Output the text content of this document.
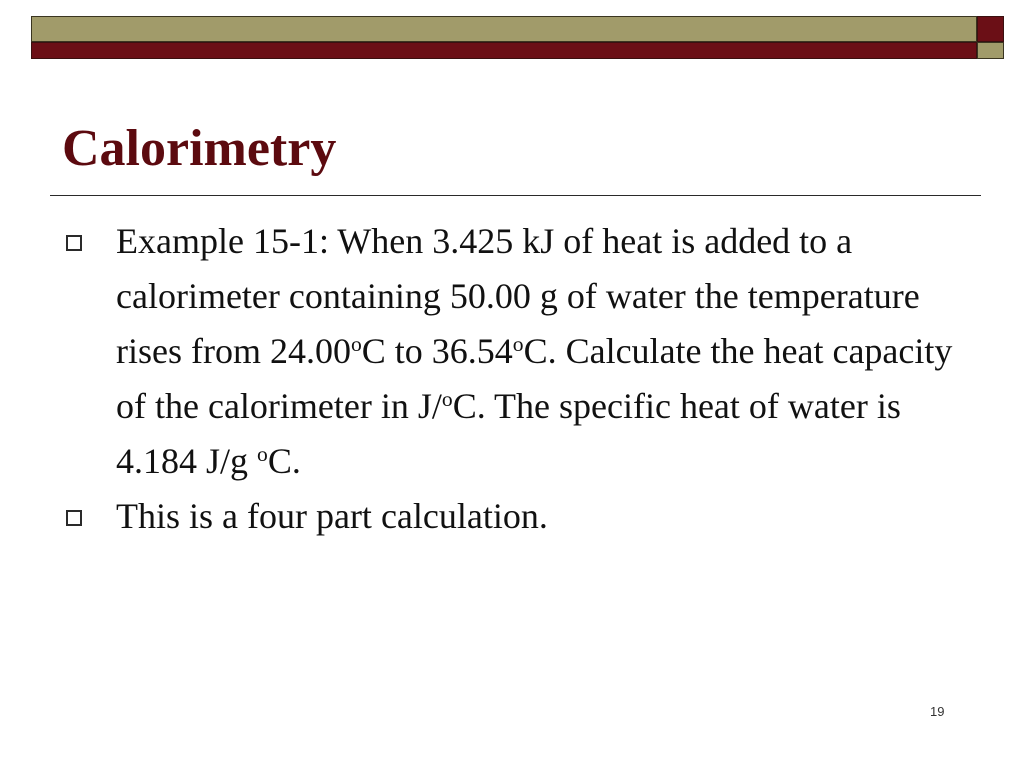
Calorimetry
Example 15-1: When 3.425 kJ of heat is added to a calorimeter containing 50.00 g of water the temperature rises from 24.00$^o$C to 36.54$^o$C. Calculate the heat capacity of the calorimeter in J/$^o$C. The specific heat of water is 4.184 J/g $^o$C.
This is a four part calculation.
19
